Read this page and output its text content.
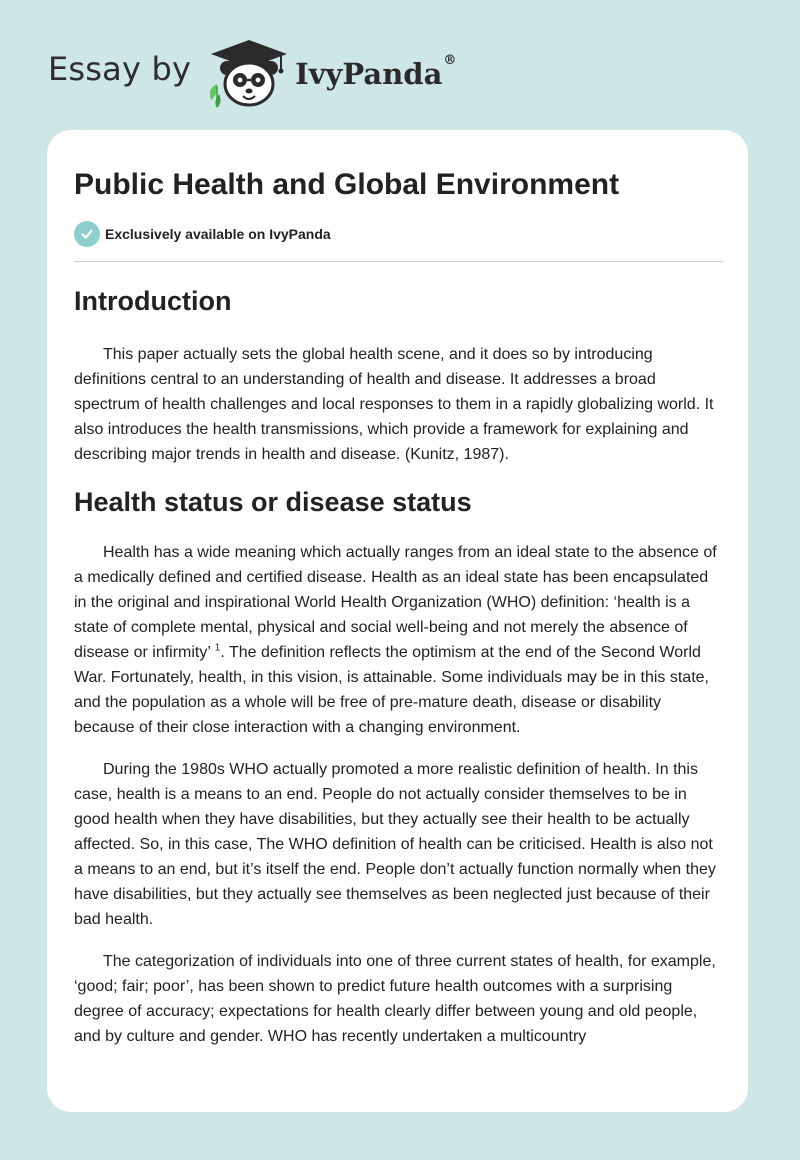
Essay by	IvyPanda®
Public Health and Global Environment
Exclusively available on IvyPanda
Introduction

This paper actually sets the global health scene, and it does so by introducing definitions central to an understanding of health and disease. It addresses a broad spectrum of health challenges and local responses to them in a rapidly globalizing world. It also introduces the health transmissions, which provide a framework for explaining and describing major trends in health and disease. (Kunitz, 1987).

Health status or disease status

Health has a wide meaning which actually ranges from an ideal state to the absence of a medically defined and certified disease. Health as an ideal state has been encapsulated in the original and inspirational World Health Organization (WHO) definition: ‘health is a state of complete mental, physical and social well-being and not merely the absence of disease or infirmity’ $^1$. The definition reflects the optimism at the end of the Second World War. Fortunately, health, in this vision, is attainable. Some individuals may be in this state, and the population as a whole will be free of pre-mature death, disease or disability because of their close interaction with a changing environment.

During the 1980s WHO actually promoted a more realistic definition of health. In this case, health is a means to an end. People do not actually consider themselves to be in good health when they have disabilities, but they actually see their health to be actually affected. So, in this case, The WHO definition of health can be criticised. Health is also not a means to an end, but it’s itself the end. People don’t actually function normally when they have disabilities, but they actually see themselves as been neglected just because of their bad health.

The categorization of individuals into one of three current states of health, for example, ‘good; fair; poor’, has been shown to predict future health outcomes with a surprising degree of accuracy; expectations for health clearly differ between young and old people, and by culture and gender. WHO has recently undertaken a multicountry
